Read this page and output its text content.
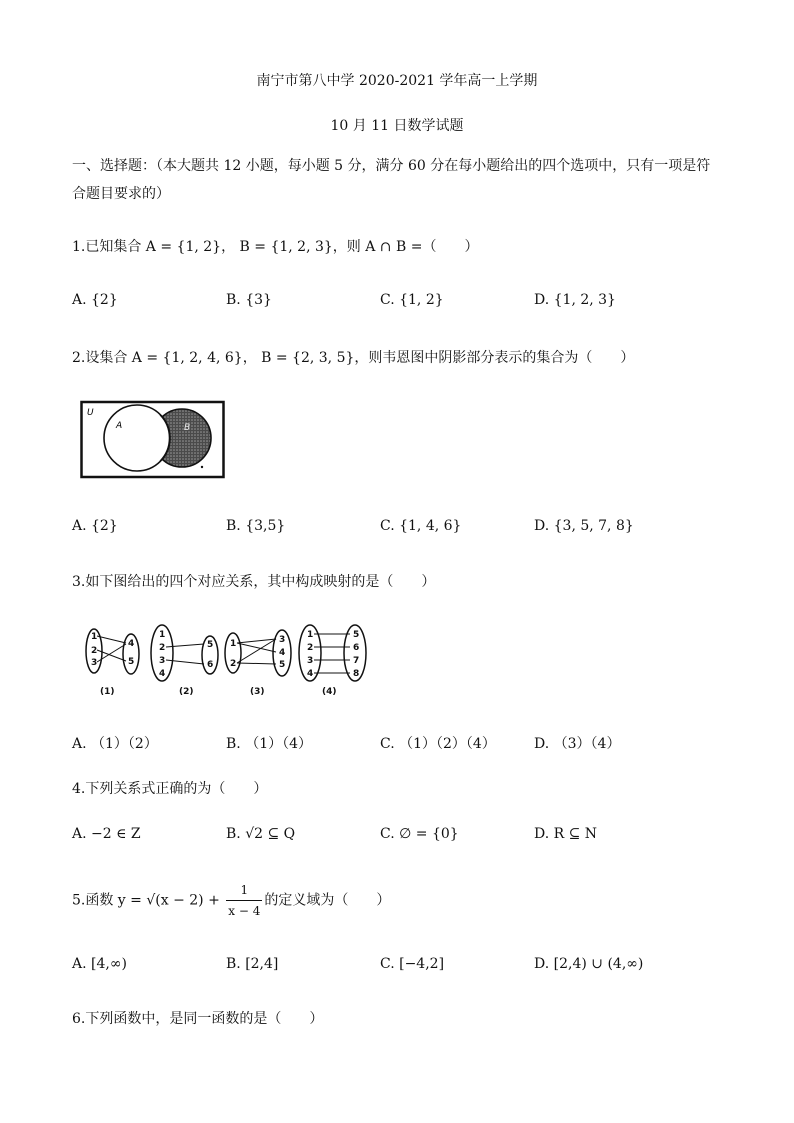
南宁市第八中学 2020-2021 学年高一上学期
10 月 11 日数学试题
一、选择题：（本大题共 12 小题，每小题 5 分，满分 60 分在每小题给出的四个选项中，只有一项是符合题目要求的）
1.已知集合 A = {1, 2}， B = {1, 2, 3}，则 A ∩ B =（　　）
A. {2}	B. {3}	C. {1, 2}	D. {1, 2, 3}
2.设集合 A = {1, 2, 4, 6}， B = {2, 3, 5}，则韦恩图中阴影部分表示的集合为（　　）
U
A	B
A. {2}	B. {3,5}	C. {1, 4, 6}	D. {3, 5, 7, 8}
3.如下图给出的四个对应关系，其中构成映射的是（　　）
1
2
3
4
5
(1)
1
2
3
4
5
6
(2)
1
2
3
4
5
(3)
1
2
3
4
5
6
7
8
(4)
A. （1）（2）	B. （1）（4）	C. （1）（2）（4）	D. （3）（4）
4.下列关系式正确的为（　　）
A. −2 ∈ Z	B. √2 ⊆ Q	C. ∅ = {0}	D. R ⊆ N
5.函数 $y = √(x - 2) + \frac{1}{x - 4}$ 的定义域为（　　）
A. [4,∞)	B. [2,4]	C. [−4,2]	D. [2,4) ∪ (4,∞)
6.下列函数中，是同一函数的是（　　）
